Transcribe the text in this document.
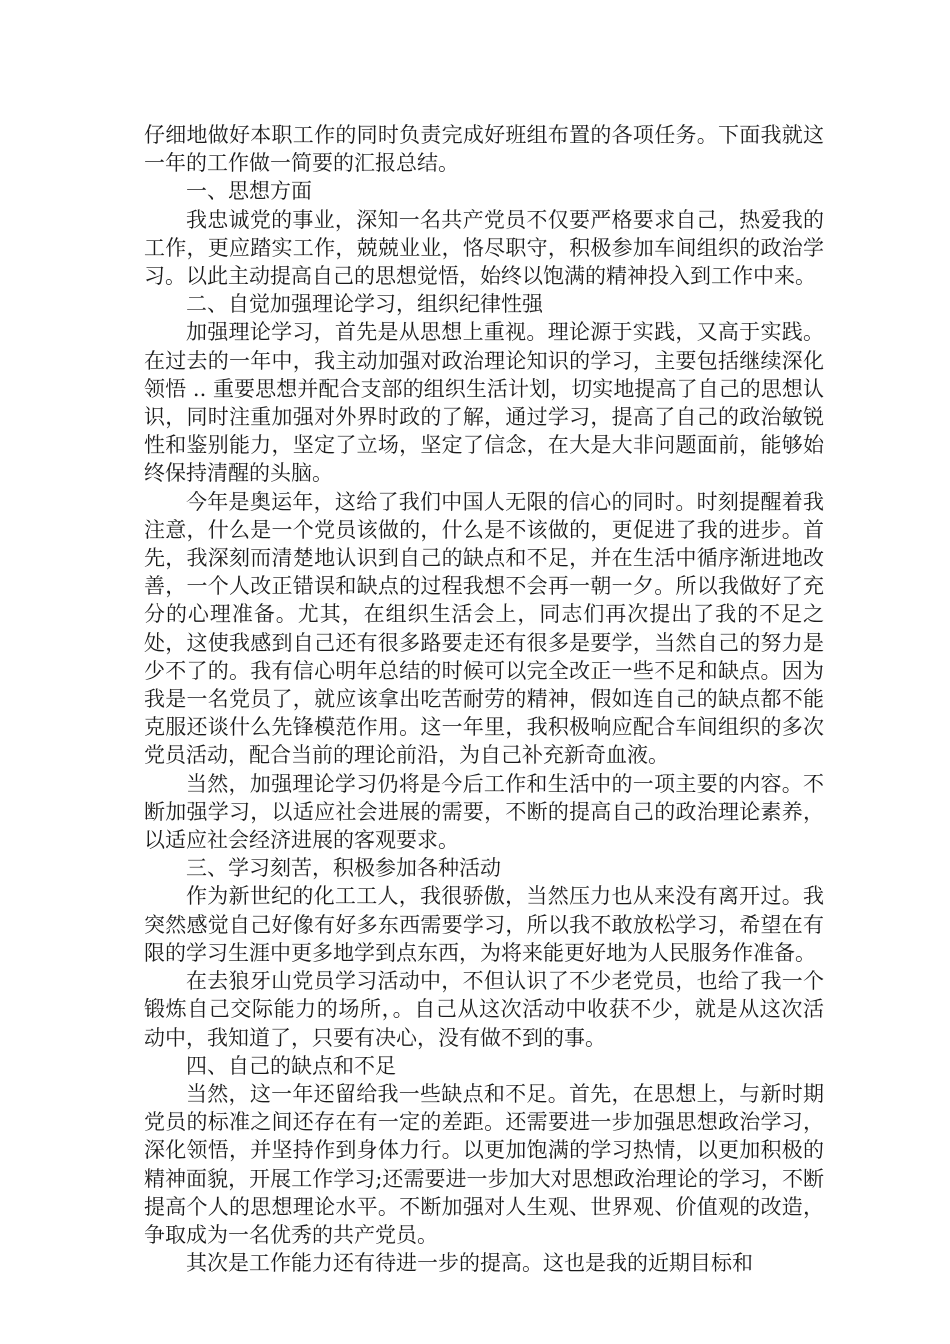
仔细地做好本职工作的同时负责完成好班组布置的各项任务。下面我就这一年的工作做一简要的汇报总结。

一、思想方面

我忠诚党的事业，深知一名共产党员不仅要严格要求自己，热爱我的工作，更应踏实工作，兢兢业业，恪尽职守，积极参加车间组织的政治学习。以此主动提高自己的思想觉悟，始终以饱满的精神投入到工作中来。

二、自觉加强理论学习，组织纪律性强

加强理论学习，首先是从思想上重视。理论源于实践，又高于实践。在过去的一年中，我主动加强对政治理论知识的学习，主要包括继续深化领悟 .. 重要思想并配合支部的组织生活计划，切实地提高了自己的思想认识，同时注重加强对外界时政的了解，通过学习，提高了自己的政治敏锐性和鉴别能力，坚定了立场，坚定了信念，在大是大非问题面前，能够始终保持清醒的头脑。

今年是奥运年，这给了我们中国人无限的信心的同时。时刻提醒着我注意，什么是一个党员该做的，什么是不该做的，更促进了我的进步。首先，我深刻而清楚地认识到自己的缺点和不足，并在生活中循序渐进地改善，一个人改正错误和缺点的过程我想不会再一朝一夕。所以我做好了充分的心理准备。尤其，在组织生活会上，同志们再次提出了我的不足之处，这使我感到自己还有很多路要走还有很多是要学，当然自己的努力是少不了的。我有信心明年总结的时候可以完全改正一些不足和缺点。因为我是一名党员了，就应该拿出吃苦耐劳的精神，假如连自己的缺点都不能克服还谈什么先锋模范作用。这一年里，我积极响应配合车间组织的多次党员活动，配合当前的理论前沿，为自己补充新奇血液。

当然，加强理论学习仍将是今后工作和生活中的一项主要的内容。不断加强学习，以适应社会进展的需要，不断的提高自己的政治理论素养，以适应社会经济进展的客观要求。

三、学习刻苦，积极参加各种活动

作为新世纪的化工工人，我很骄傲，当然压力也从来没有离开过。我突然感觉自己好像有好多东西需要学习，所以我不敢放松学习，希望在有限的学习生涯中更多地学到点东西，为将来能更好地为人民服务作准备。

在去狼牙山党员学习活动中，不但认识了不少老党员，也给了我一个锻炼自己交际能力的场所，。自己从这次活动中收获不少，就是从这次活动中，我知道了，只要有决心，没有做不到的事。

四、自己的缺点和不足

当然，这一年还留给我一些缺点和不足。首先，在思想上，与新时期党员的标准之间还存在有一定的差距。还需要进一步加强思想政治学习，深化领悟，并坚持作到身体力行。以更加饱满的学习热情，以更加积极的精神面貌，开展工作学习;还需要进一步加大对思想政治理论的学习，不断提高个人的思想理论水平。不断加强对人生观、世界观、价值观的改造，争取成为一名优秀的共产党员。

其次是工作能力还有待进一步的提高。这也是我的近期目标和
